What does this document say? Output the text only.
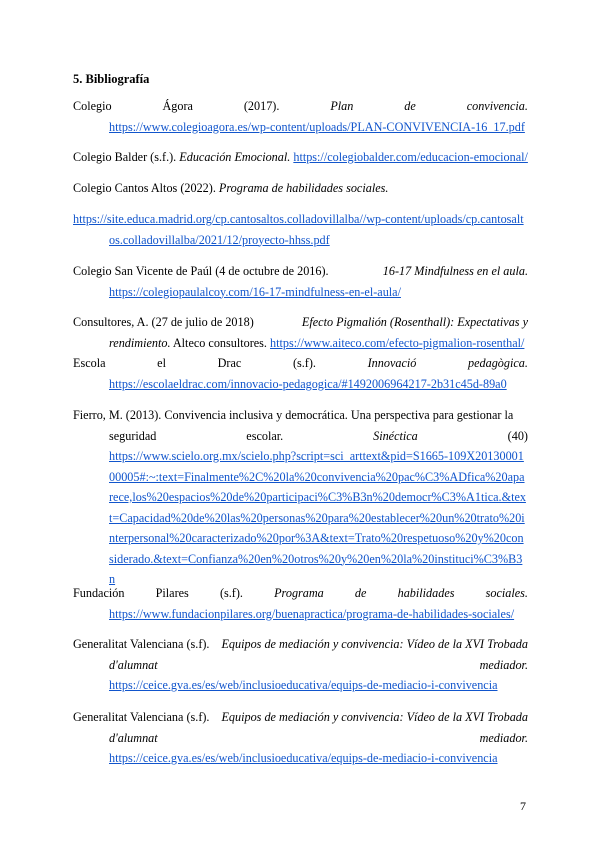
5. Bibliografía
Colegio	Ágora	(2017).	Plan	de	convivencia.
https://www.colegioagora.es/wp-content/uploads/PLAN-CONVIVENCIA-16_17.pdf
Colegio Balder (s.f.). Educación Emocional. https://colegiobalder.com/educacion-emocional/
Colegio Cantos Altos (2022). Programa de habilidades sociales.
https://site.educa.madrid.org/cp.cantosaltos.colladovillalba//wp-content/uploads/cp.cantosaltos.colladovillalba/2021/12/proyecto-hhss.pdf
Colegio San Vicente de Paúl (4 de octubre de 2016).	16-17 Mindfulness en el aula.
https://colegiopaulalcoy.com/16-17-mindfulness-en-el-aula/
Consultores, A. (27 de julio de 2018)	Efecto Pigmalión (Rosenthall): Expectativas y
rendimiento. Alteco consultores. https://www.aiteco.com/efecto-pigmalion-rosenthal/
Escola	el	Drac	(s.f).	Innovació	pedagògica.
https://escolaeldrac.com/innovacio-pedagogica/#1492006964217-2b31c45d-89a0
Fierro, M. (2013). Convivencia inclusiva y democrática. Una perspectiva para gestionar la
seguridad	escolar.	Sinéctica	(40)
https://www.scielo.org.mx/scielo.php?script=sci_arttext&pid=S1665-109X2013000100005#:~:text=Finalmente%2C%20la%20convivencia%20pac%C3%ADfica%20aparece,los%20espacios%20de%20participaci%C3%B3n%20democr%C3%A1tica.&text=Capacidad%20de%20las%20personas%20para%20establecer%20un%20trato%20interpersonal%20caracterizado%20por%3A&text=Trato%20respetuoso%20y%20considerado.&text=Confianza%20en%20otros%20y%20en%20la%20instituci%C3%B3n
Fundación	Pilares	(s.f).	Programa	de	habilidades	sociales.
https://www.fundacionpilares.org/buenapractica/programa-de-habilidades-sociales/
Generalitat Valenciana (s.f). Equipos de mediación y convivencia: Vídeo de la XVI Trobada
d'alumnat	mediador.
https://ceice.gva.es/es/web/inclusioeducativa/equips-de-mediacio-i-convivencia
Generalitat Valenciana (s.f). Equipos de mediación y convivencia: Vídeo de la XVI Trobada
d'alumnat	mediador.
https://ceice.gva.es/es/web/inclusioeducativa/equips-de-mediacio-i-convivencia
7
